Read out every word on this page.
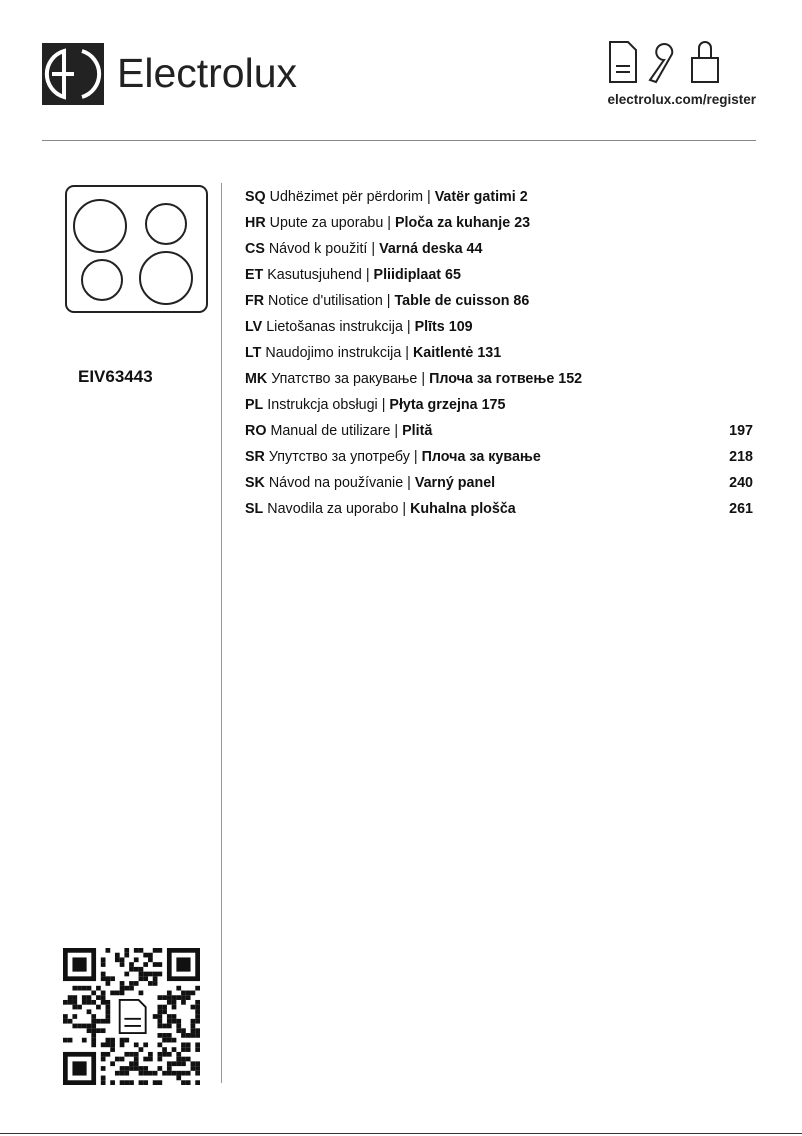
Electrolux
electrolux.com/register
EIV63443
SQ Udhëzimet për përdorim | Vatër gatimi 2
HR Upute za uporabu | Ploča za kuhanje 23
CS Návod k použití | Varná deska 44
ET Kasutusjuhend | Pliidiplaat 65
FR Notice d'utilisation | Table de cuisson 86
LV Lietošanas instrukcija | Plīts 109
LT Naudojimo instrukcija | Kaitlentė 131
MK Упатство за ракување | Плоча за готвење 152
PL Instrukcja obsługi | Płyta grzejna 175
RO Manual de utilizare | Plită	197
SR Упутство за употребу | Плоча за кување	218
SK Návod na používanie | Varný panel	240
SL Navodila za uporabo | Kuhalna plošča	261
